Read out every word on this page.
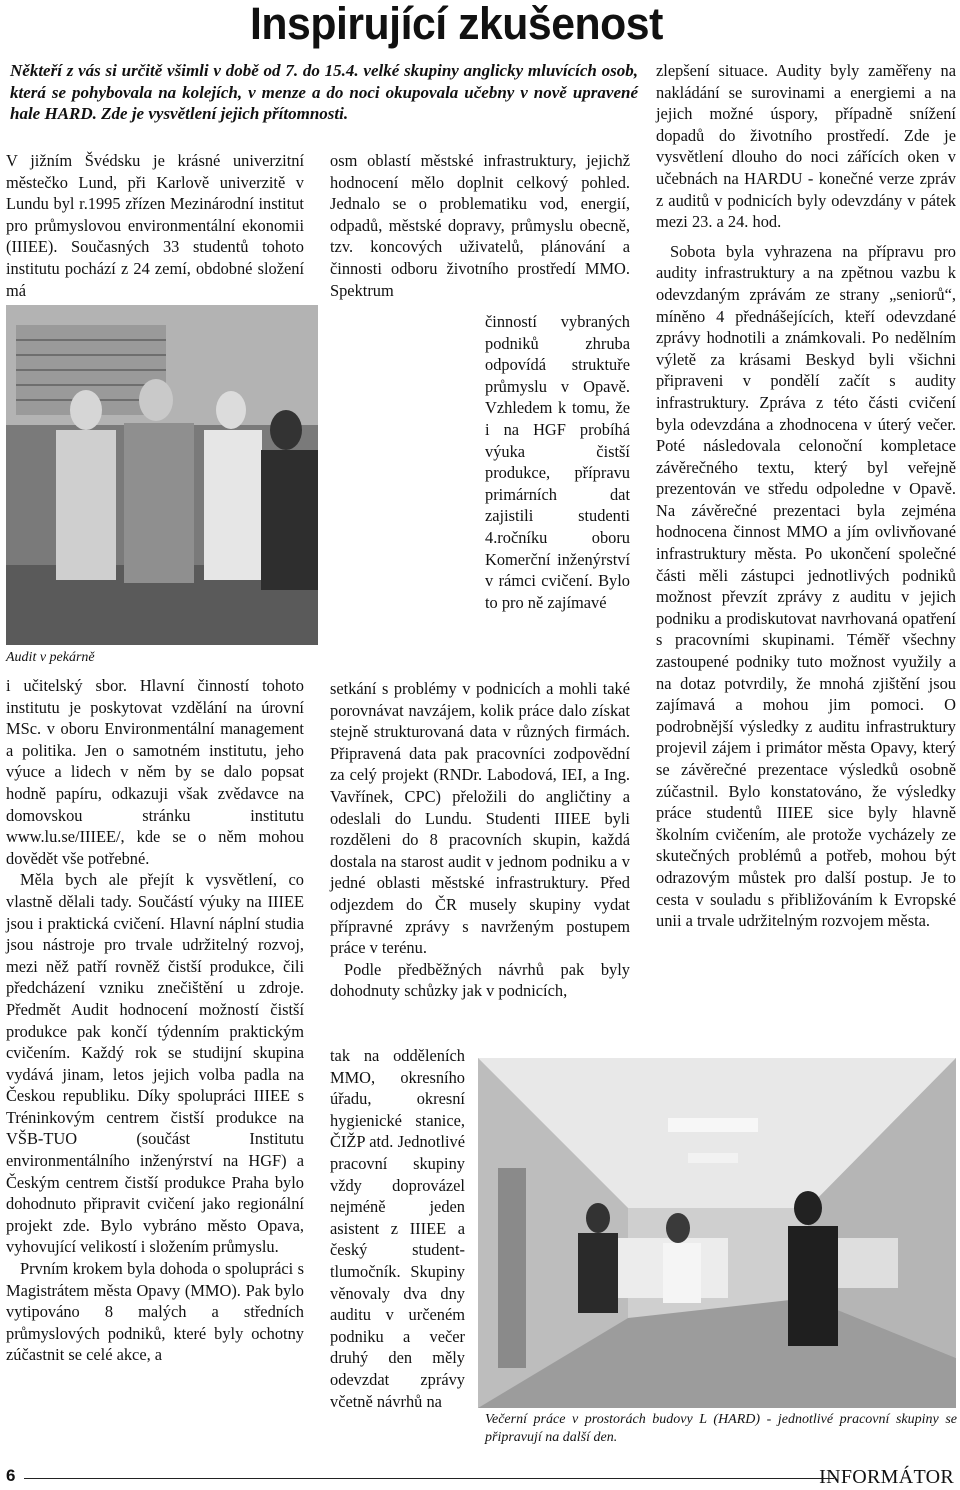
Inspirující zkušenost
Někteří z vás si určitě všimli v době od 7. do 15.4. velké skupiny anglicky mluvících osob, která se pohybovala na kolejích, v menze a do noci okupovala učebny v nově upravené hale HARD. Zde je vysvětlení jejich přítomnosti.

V jižním Švédsku je krásné univerzitní městečko Lund, při Karlově univerzitě v Lundu byl r.1995 zřízen Mezinárodní institut pro průmyslovou environmentální ekonomii (IIIEE). Současných 33 studentů tohoto institutu pochází z 24 zemí, obdobné složení má

Audit v pekárně

i učitelský sbor. Hlavní činností tohoto institutu je poskytovat vzdělání na úrovní MSc. v oboru Environmentální management a politika. Jen o samotném institutu, jeho výuce a lidech v něm by se dalo popsat hodně papíru, odkazuji však zvědavce na domovskou stránku institutu www.lu.se/IIIEE/, kde se o něm mohou dovědět vše potřebné.

Měla bych ale přejít k vysvětlení, co vlastně dělali tady. Součástí výuky na IIIEE jsou i praktická cvičení. Hlavní náplní studia jsou nástroje pro trvale udržitelný rozvoj, mezi něž patří rovněž čistší produkce, čili předcházení vzniku znečištění u zdroje. Předmět Audit hodnocení možností čistší produkce pak končí týdenním praktickým cvičením. Každý rok se studijní skupina vydává jinam, letos jejich volba padla na Českou republiku. Díky spolupráci IIIEE s Tréninkovým centrem čistší produkce na VŠB-TUO (součást Institutu environmentálního inženýrství na HGF) a Českým centrem čistší produkce Praha bylo dohodnuto připravit cvičení jako regionální projekt zde. Bylo vybráno město Opava, vyhovující velikostí i složením průmyslu.

Prvním krokem byla dohoda o spolupráci s Magistrátem města Opavy (MMO). Pak bylo vytipováno 8 malých a středních průmyslových podniků, které byly ochotny zúčastnit se celé akce, a

osm oblastí městské infrastruktury, jejichž hodnocení mělo doplnit celkový pohled. Jednalo se o problematiku vod, energií, odpadů, městské dopravy, průmyslu obecně, tzv. koncových uživatelů, plánování a činnosti odboru životního prostředí MMO. Spektrum

činností vybraných podniků zhruba odpovídá struktuře průmyslu v Opavě. Vzhledem k tomu, že i na HGF probíhá výuka čistší produkce, přípravu primárních dat zajistili studenti 4.ročníku oboru Komerční inženýrství v rámci cvičení. Bylo to pro ně zajímavé

setkání s problémy v podnicích a mohli také porovnávat navzájem, kolik práce dalo získat stejně strukturovaná data v různých firmách. Připravená data pak pracovníci zodpovědní za celý projekt (RNDr. Labodová, IEI, a Ing. Vavřínek, CPC) přeložili do angličtiny a odeslali do Lundu. Studenti IIIEE byli rozděleni do 8 pracovních skupin, každá dostala na starost audit v jednom podniku a v jedné oblasti městské infrastruktury. Před odjezdem do ČR musely skupiny vydat přípravné zprávy s navrženým postupem práce v terénu.

Podle předběžných návrhů pak byly dohodnuty schůzky jak v podnicích,

tak na odděleních MMO, okresního úřadu, okresní hygienické stanice, ČIŽP atd. Jednotlivé pracovní skupiny vždy doprovázel nejméně jeden asistent z IIIEE a český student-tlumočník. Skupiny věnovaly dva dny auditu v určeném podniku a večer druhý den měly odevzdat zprávy včetně návrhů na

zlepšení situace. Audity byly zaměřeny na nakládání se surovinami a energiemi a na jejich možné úspory, případně snížení dopadů do životního prostředí. Zde je vysvětlení dlouho do noci zářících oken v učebnách na HARDU - konečné verze zpráv z auditů v podnicích byly odevzdány v pátek mezi 23. a 24. hod.

Sobota byla vyhrazena na přípravu pro audity infrastruktury a na zpětnou vazbu k odevzdaným zprávám ze strany „seniorů“, míněno 4 přednášejících, kteří odevzdané zprávy hodnotili a známkovali. Po nedělním výletě za krásami Beskyd byli všichni připraveni v pondělí začít s audity infrastruktury. Zpráva z této části cvičení byla odevzdána a zhodnocena v úterý večer. Poté následovala celonoční kompletace závěrečného textu, který byl veřejně prezentován ve středu odpoledne v Opavě. Na závěrečné prezentaci byla zejména hodnocena činnost MMO a jím ovlivňované infrastruktury města. Po ukončení společné části měli zástupci jednotlivých podniků možnost převzít zprávy z auditu v jejich podniku a prodiskutovat navrhovaná opatření s pracovními skupinami. Téměř všechny zastoupené podniky tuto možnost využily a na dotaz potvrdily, že mnohá zjištění jsou zajímavá a mohou jim pomoci. O podrobnější výsledky z auditu infrastruktury projevil zájem i primátor města Opavy, který se závěrečné prezentace výsledků osobně zúčastnil. Bylo konstatováno, že výsledky práce studentů IIIEE sice byly hlavně školním cvičením, ale protože vycházely ze skutečných problémů a potřeb, mohou být odrazovým můstek pro další postup. Je to cesta v souladu s přibližováním k Evropské unii a trvale udržitelným rozvojem města.

Večerní práce v prostorách budovy L (HARD) - jednotlivé pracovní skupiny se připravují na další den.
6	INFORMÁTOR
